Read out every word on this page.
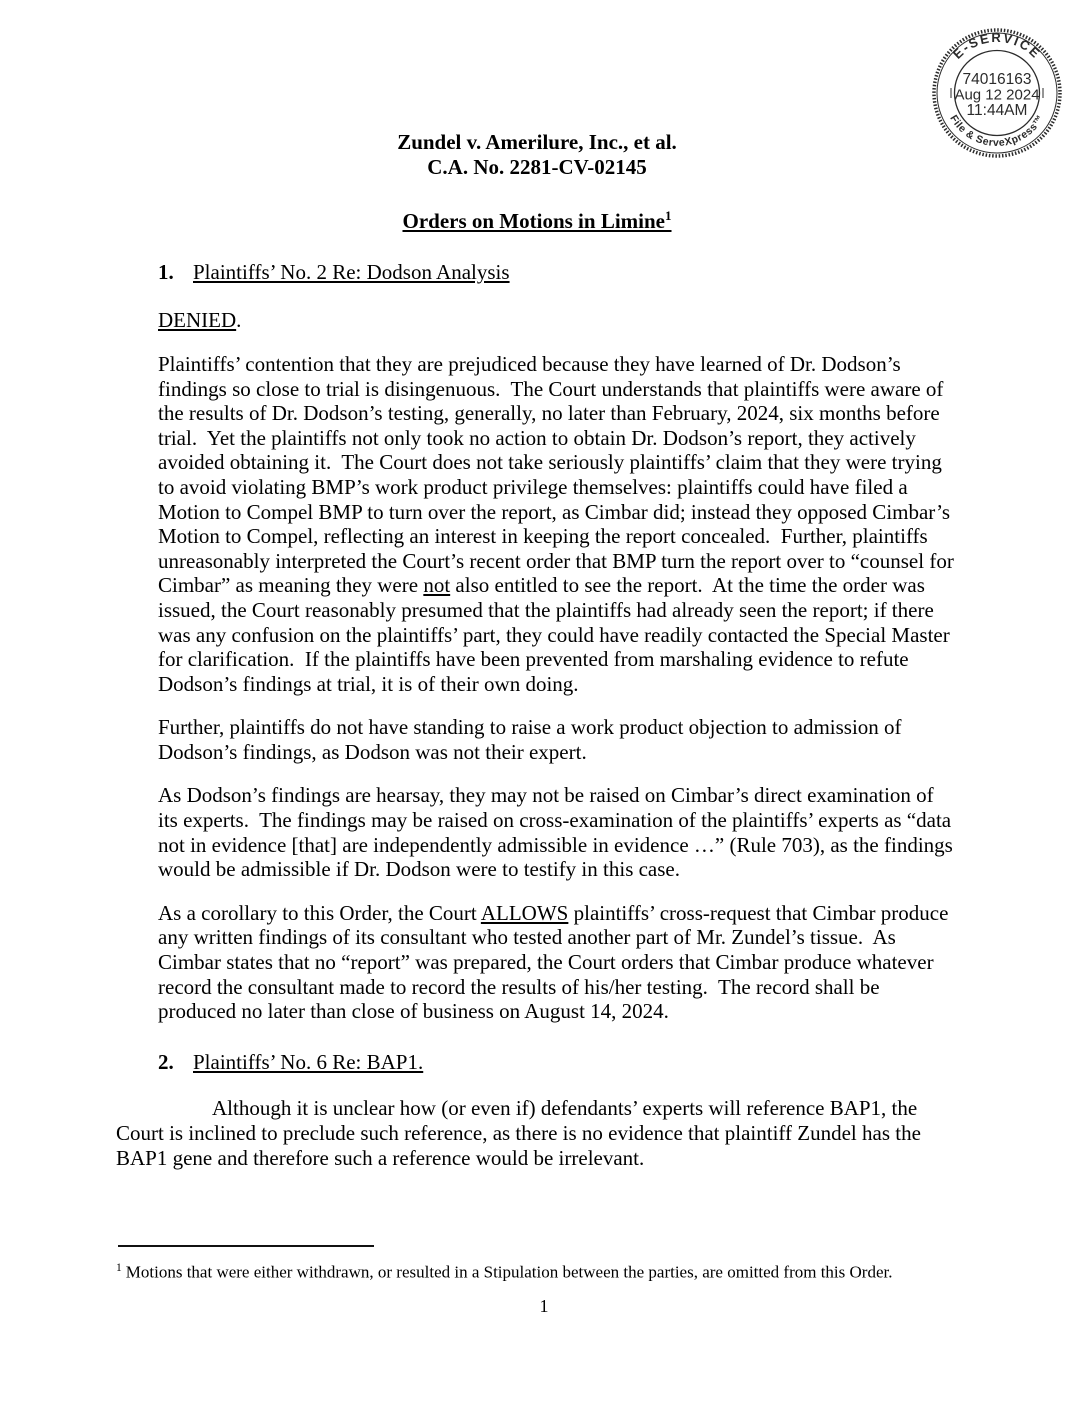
E-SERVICE
File & ServeXpress™
74016163
Aug 12 2024
11:44AM
Zundel v. Amerilure, Inc., et al.
C.A. No. 2281-CV-02145
Orders on Motions in Limine$^1$
1. Plaintiffs’ No. 2 Re: Dodson Analysis

DENIED.

Plaintiffs’ contention that they are prejudiced because they have learned of Dr. Dodson’s findings so close to trial is disingenuous.  The Court understands that plaintiffs were aware of the results of Dr. Dodson’s testing, generally, no later than February, 2024, six months before trial.  Yet the plaintiffs not only took no action to obtain Dr. Dodson’s report, they actively avoided obtaining it.  The Court does not take seriously plaintiffs’ claim that they were trying to avoid violating BMP’s work product privilege themselves: plaintiffs could have filed a Motion to Compel BMP to turn over the report, as Cimbar did; instead they opposed Cimbar’s Motion to Compel, reflecting an interest in keeping the report concealed.  Further, plaintiffs unreasonably interpreted the Court’s recent order that BMP turn the report over to “counsel for Cimbar” as meaning they were not also entitled to see the report.  At the time the order was issued, the Court reasonably presumed that the plaintiffs had already seen the report; if there was any confusion on the plaintiffs’ part, they could have readily contacted the Special Master for clarification.  If the plaintiffs have been prevented from marshaling evidence to refute Dodson’s findings at trial, it is of their own doing.

Further, plaintiffs do not have standing to raise a work product objection to admission of Dodson’s findings, as Dodson was not their expert.

As Dodson’s findings are hearsay, they may not be raised on Cimbar’s direct examination of its experts.  The findings may be raised on cross-examination of the plaintiffs’ experts as “data not in evidence [that] are independently admissible in evidence …” (Rule 703), as the findings would be admissible if Dr. Dodson were to testify in this case.

As a corollary to this Order, the Court ALLOWS plaintiffs’ cross-request that Cimbar produce any written findings of its consultant who tested another part of Mr. Zundel’s tissue.  As Cimbar states that no “report” was prepared, the Court orders that Cimbar produce whatever record the consultant made to record the results of his/her testing.  The record shall be produced no later than close of business on August 14, 2024.

2. Plaintiffs’ No. 6 Re: BAP1.

Although it is unclear how (or even if) defendants’ experts will reference BAP1, the Court is inclined to preclude such reference, as there is no evidence that plaintiff Zundel has the BAP1 gene and therefore such a reference would be irrelevant.

$^1$ Motions that were either withdrawn, or resulted in a Stipulation between the parties, are omitted from this Order.

1
